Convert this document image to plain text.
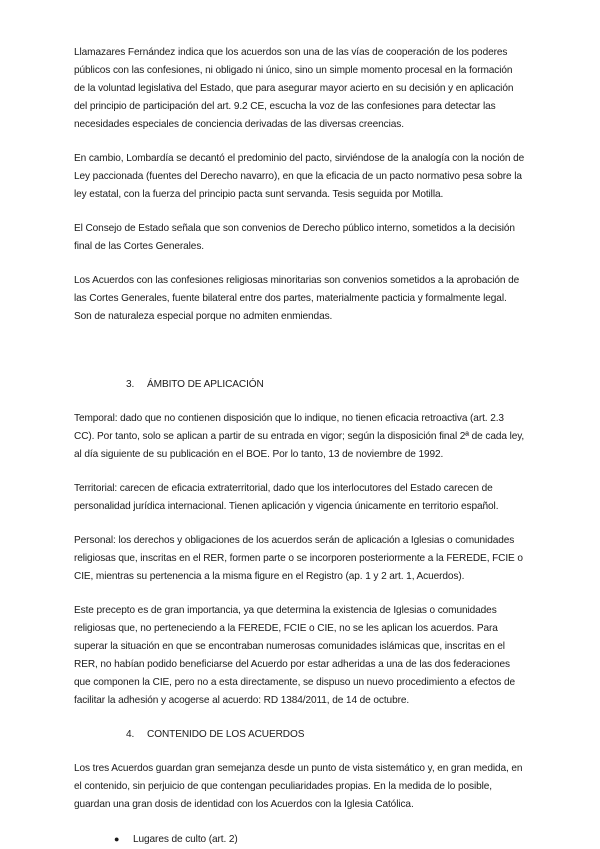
Llamazares Fernández indica que los acuerdos son una de las vías de cooperación de los poderes públicos con las confesiones, ni obligado ni único, sino un simple momento procesal en la formación de la voluntad legislativa del Estado, que para asegurar mayor acierto en su decisión y en aplicación del principio de participación del art. 9.2 CE, escucha la voz de las confesiones para detectar las necesidades especiales de conciencia derivadas de las diversas creencias.

En cambio, Lombardía se decantó el predominio del pacto, sirviéndose de la analogía con la noción de Ley paccionada (fuentes del Derecho navarro), en que la eficacia de un pacto normativo pesa sobre la ley estatal, con la fuerza del principio pacta sunt servanda. Tesis seguida por Motilla.

El Consejo de Estado señala que son convenios de Derecho público interno, sometidos a la decisión final de las Cortes Generales.

Los Acuerdos con las confesiones religiosas minoritarias son convenios sometidos a la aprobación de las Cortes Generales, fuente bilateral entre dos partes, materialmente pacticia y formalmente legal. Son de naturaleza especial porque no admiten enmiendas.

3. ÁMBITO DE APLICACIÓN

Temporal: dado que no contienen disposición que lo indique, no tienen eficacia retroactiva (art. 2.3 CC). Por tanto, solo se aplican a partir de su entrada en vigor; según la disposición final 2ª de cada ley, al día siguiente de su publicación en el BOE. Por lo tanto, 13 de noviembre de 1992.

Territorial: carecen de eficacia extraterritorial, dado que los interlocutores del Estado carecen de personalidad jurídica internacional. Tienen aplicación y vigencia únicamente en territorio español.

Personal: los derechos y obligaciones de los acuerdos serán de aplicación a Iglesias o comunidades religiosas que, inscritas en el RER, formen parte o se incorporen posteriormente a la FEREDE, FCIE o CIE, mientras su pertenencia a la misma figure en el Registro (ap. 1 y 2 art. 1, Acuerdos).

Este precepto es de gran importancia, ya que determina la existencia de Iglesias o comunidades religiosas que, no perteneciendo a la FEREDE, FCIE o CIE, no se les aplican los acuerdos. Para superar la situación en que se encontraban numerosas comunidades islámicas que, inscritas en el RER, no habían podido beneficiarse del Acuerdo por estar adheridas a una de las dos federaciones que componen la CIE, pero no a esta directamente, se dispuso un nuevo procedimiento a efectos de facilitar la adhesión y acogerse al acuerdo: RD 1384/2011, de 14 de octubre.

4. CONTENIDO DE LOS ACUERDOS

Los tres Acuerdos guardan gran semejanza desde un punto de vista sistemático y, en gran medida, en el contenido, sin perjuicio de que contengan peculiaridades propias. En la medida de lo posible, guardan una gran dosis de identidad con los Acuerdos con la Iglesia Católica.

● Lugares de culto (art. 2)
